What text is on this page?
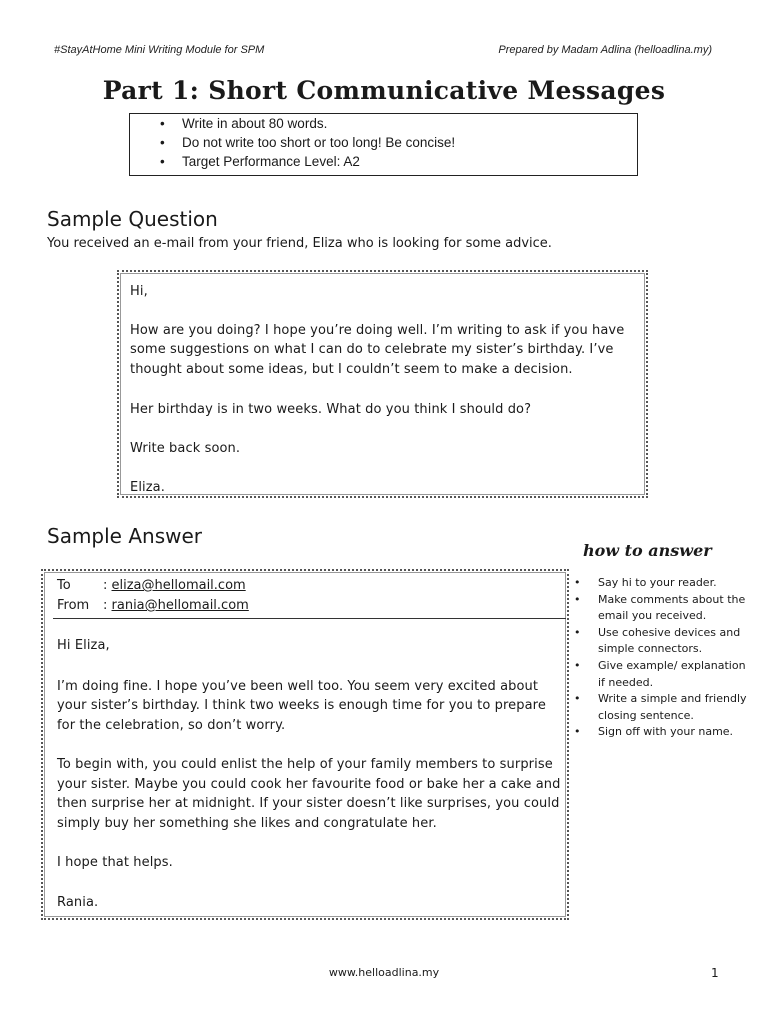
#StayAtHome Mini Writing Module for SPM	Prepared by Madam Adlina (helloadlina.my)
Part 1: Short Communicative Messages
• Write in about 80 words.
• Do not write too short or too long! Be concise!
• Target Performance Level: A2
Sample Question
You received an e-mail from your friend, Eliza who is looking for some advice.

Hi,

How are you doing? I hope you’re doing well. I’m writing to ask if you have some suggestions on what I can do to celebrate my sister’s birthday. I’ve thought about some ideas, but I couldn’t seem to make a decision.

Her birthday is in two weeks. What do you think I should do?

Write back soon.

Eliza.

Sample Answer
how to answer
To	: eliza@hellomail.com
From	: rania@hellomail.com

Hi Eliza,

I’m doing fine. I hope you’ve been well too. You seem very excited about your sister’s birthday. I think two weeks is enough time for you to prepare for the celebration, so don’t worry.

To begin with, you could enlist the help of your family members to surprise your sister. Maybe you could cook her favourite food or bake her a cake and then surprise her at midnight. If your sister doesn’t like surprises, you could simply buy her something she likes and congratulate her.

I hope that helps.

Rania.

• Say hi to your reader.
• Make comments about the email you received.
• Use cohesive devices and simple connectors.
• Give example/ explanation if needed.
• Write a simple and friendly closing sentence.
• Sign off with your name.
www.helloadlina.my	1
